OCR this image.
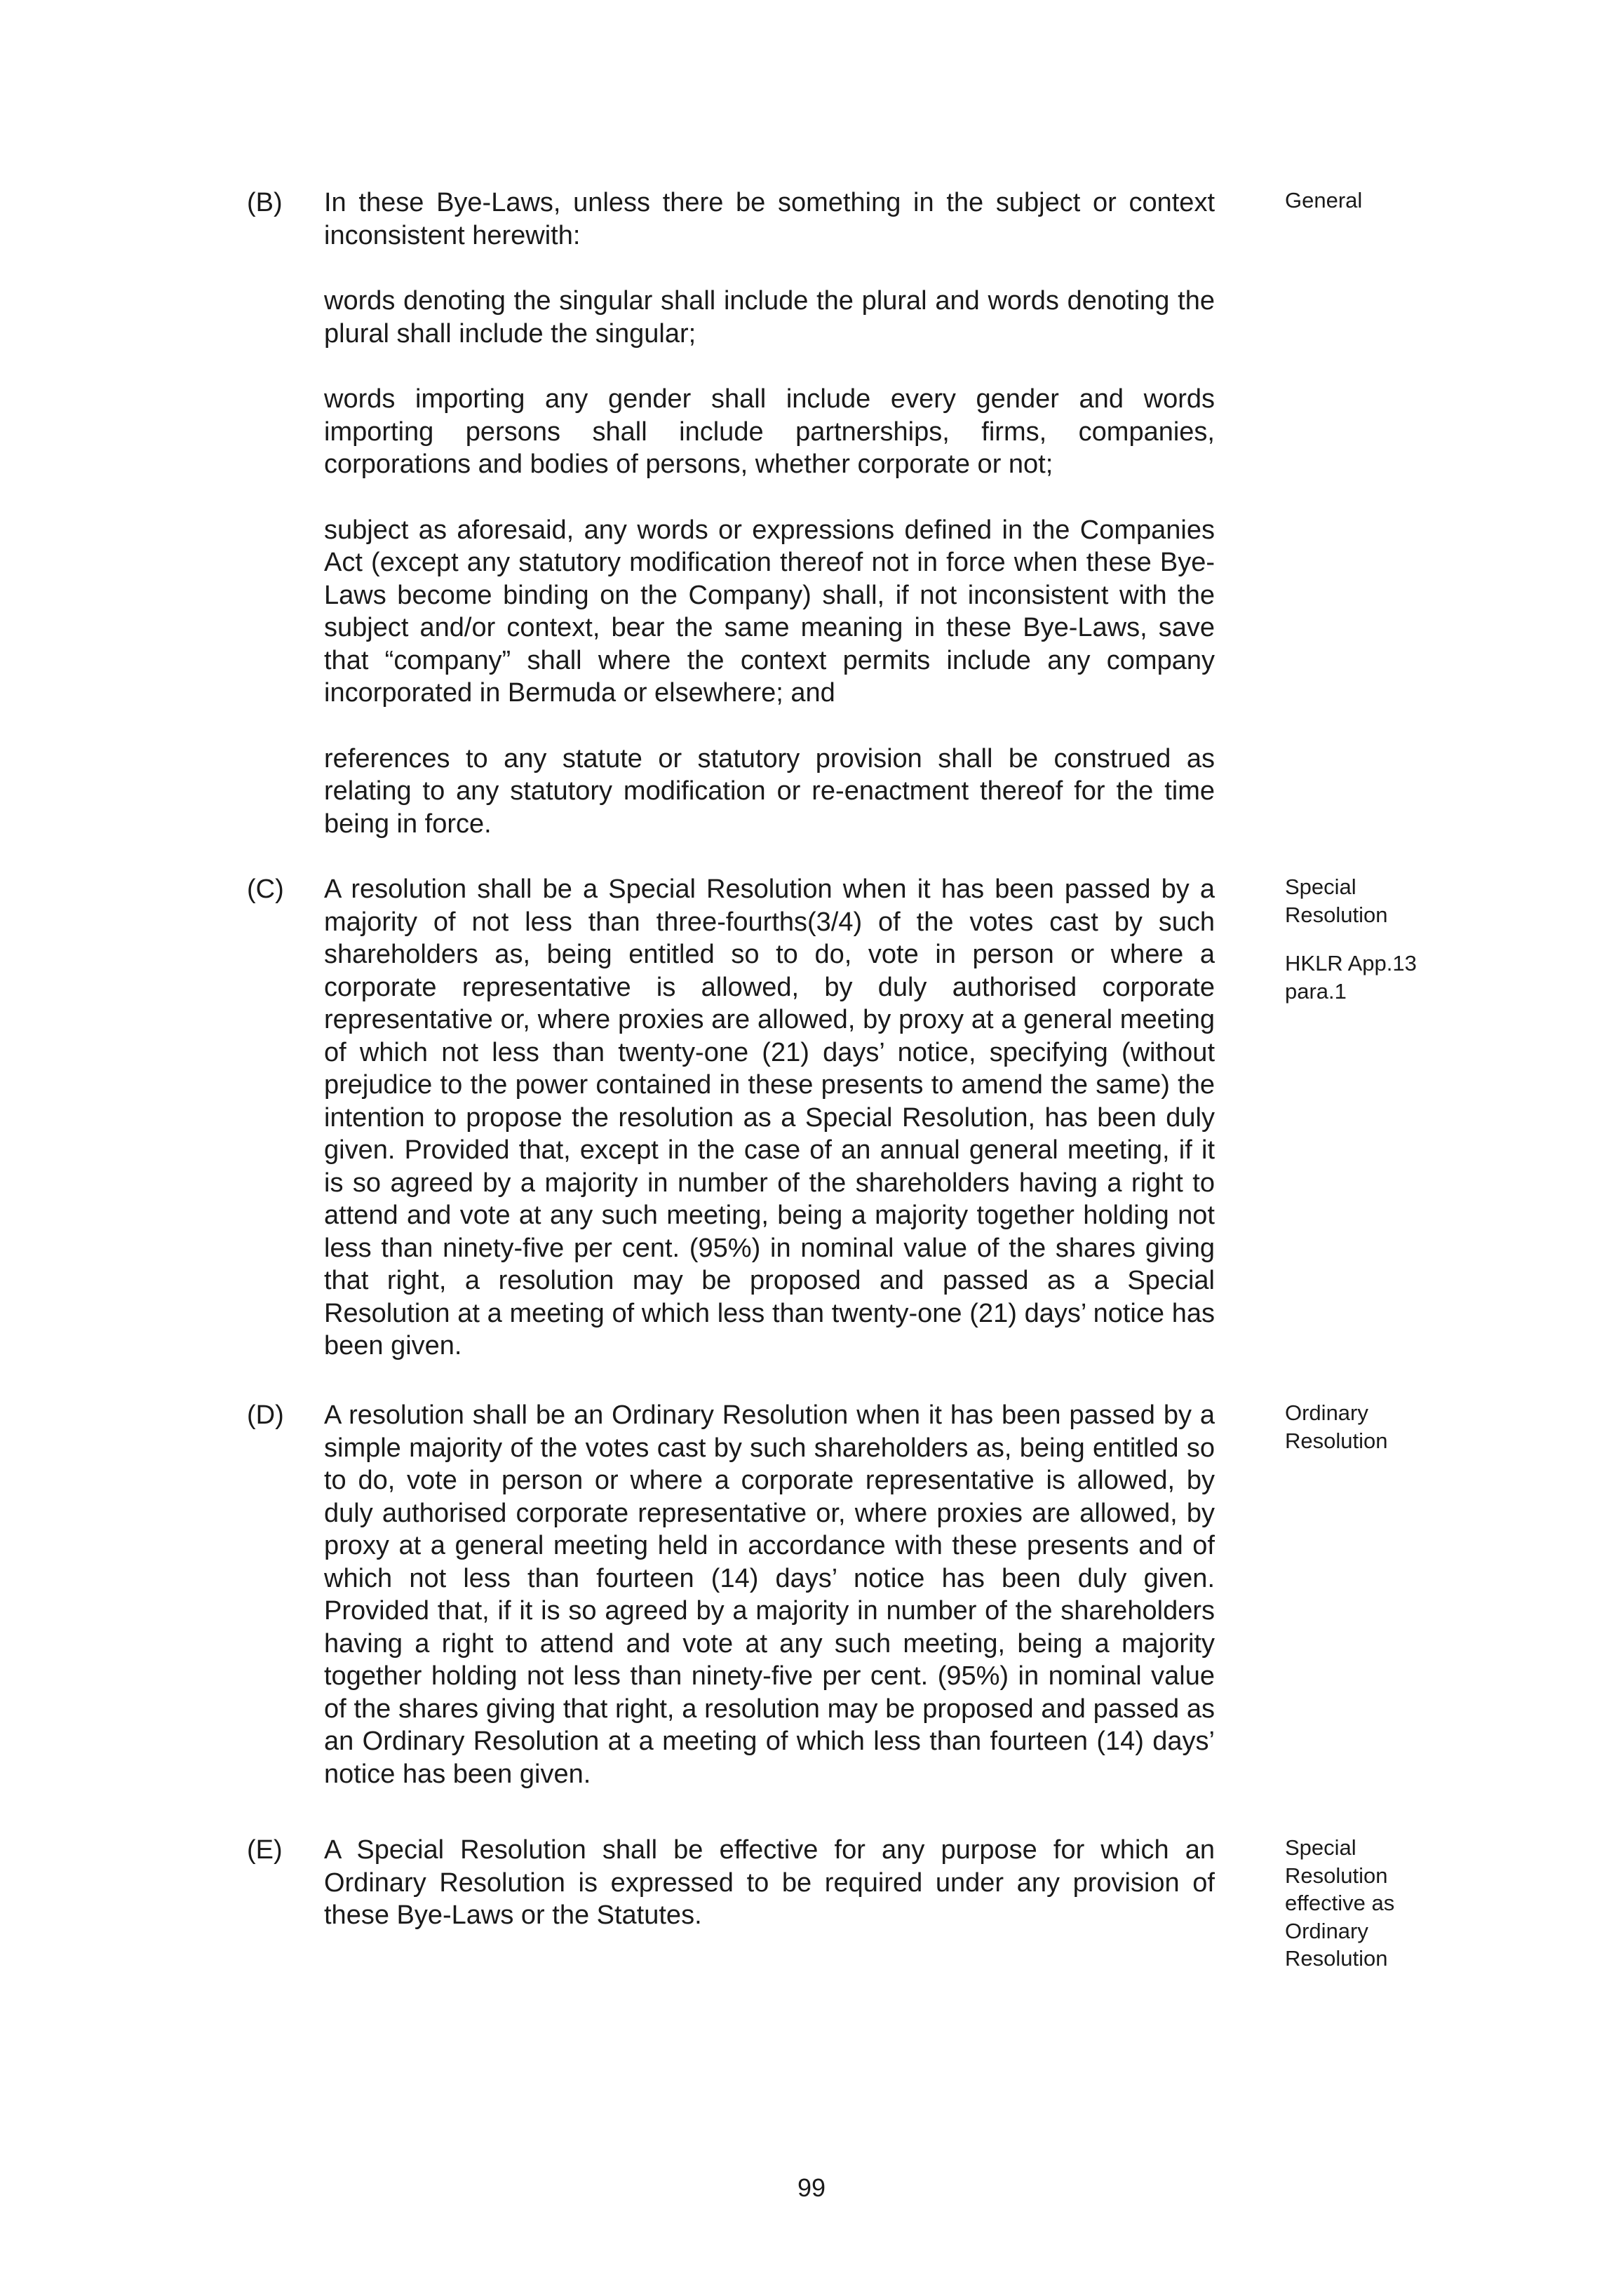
(B) In these Bye-Laws, unless there be something in the subject or context inconsistent herewith:

words denoting the singular shall include the plural and words denoting the plural shall include the singular;

words importing any gender shall include every gender and words importing persons shall include partnerships, firms, companies, corporations and bodies of persons, whether corporate or not;

subject as aforesaid, any words or expressions defined in the Companies Act (except any statutory modification thereof not in force when these Bye-Laws become binding on the Company) shall, if not inconsistent with the subject and/or context, bear the same meaning in these Bye-Laws, save that “company” shall where the context permits include any company incorporated in Bermuda or elsewhere; and

references to any statute or statutory provision shall be construed as relating to any statutory modification or re-enactment thereof for the time being in force.

General
(C) A resolution shall be a Special Resolution when it has been passed by a majority of not less than three-fourths(3/4) of the votes cast by such shareholders as, being entitled so to do, vote in person or where a corporate representative is allowed, by duly authorised corporate representative or, where proxies are allowed, by proxy at a general meeting of which not less than twenty-one (21) days’ notice, specifying (without prejudice to the power contained in these presents to amend the same) the intention to propose the resolution as a Special Resolution, has been duly given. Provided that, except in the case of an annual general meeting, if it is so agreed by a majority in number of the shareholders having a right to attend and vote at any such meeting, being a majority together holding not less than ninety-five per cent. (95%) in nominal value of the shares giving that right, a resolution may be proposed and passed as a Special Resolution at a meeting of which less than twenty-one (21) days’ notice has been given.

Special Resolution
HKLR App.13 para.1
(D) A resolution shall be an Ordinary Resolution when it has been passed by a simple majority of the votes cast by such shareholders as, being entitled so to do, vote in person or where a corporate representative is allowed, by duly authorised corporate representative or, where proxies are allowed, by proxy at a general meeting held in accordance with these presents and of which not less than fourteen (14) days’ notice has been duly given. Provided that, if it is so agreed by a majority in number of the shareholders having a right to attend and vote at any such meeting, being a majority together holding not less than ninety-five per cent. (95%) in nominal value of the shares giving that right, a resolution may be proposed and passed as an Ordinary Resolution at a meeting of which less than fourteen (14) days’ notice has been given.

Ordinary Resolution
(E) A Special Resolution shall be effective for any purpose for which an Ordinary Resolution is expressed to be required under any provision of these Bye-Laws or the Statutes.

Special Resolution effective as Ordinary Resolution
99
